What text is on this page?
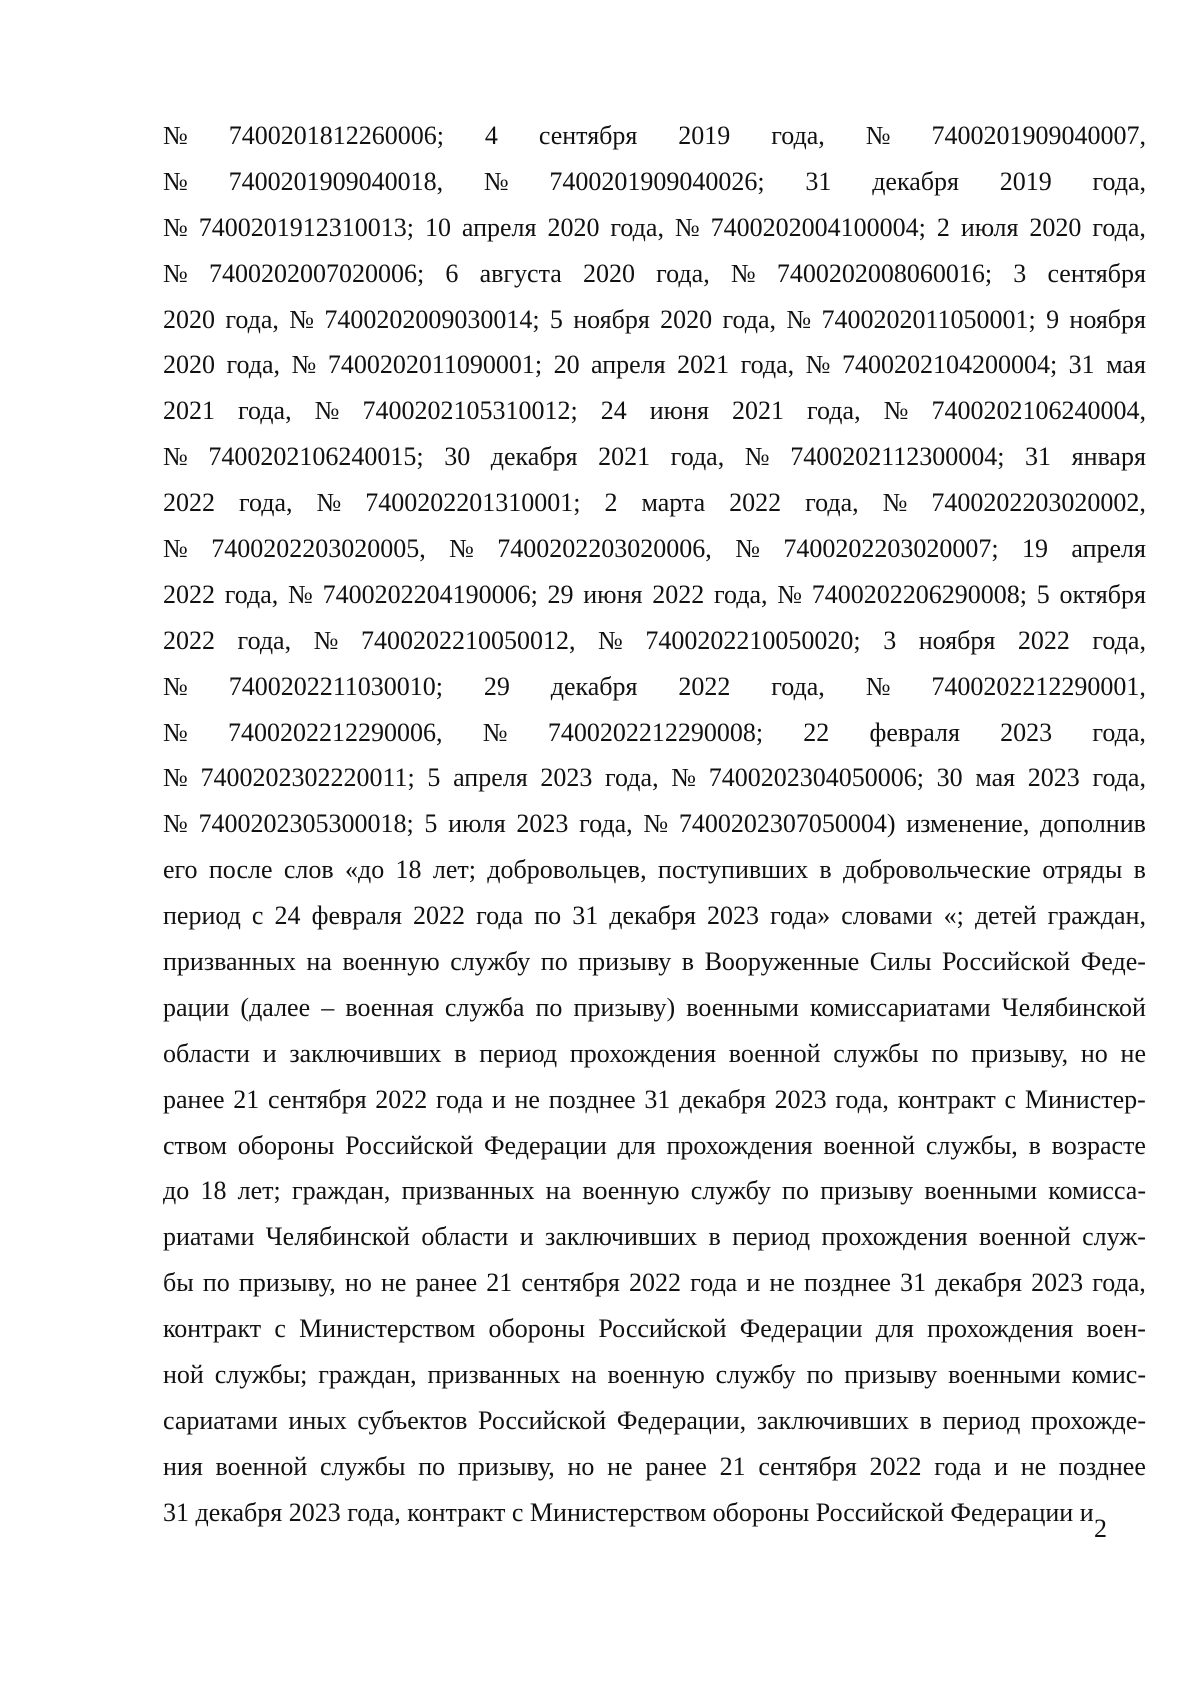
№ 7400201812260006; 4 сентября 2019 года, № 7400201909040007,
№ 7400201909040018, № 7400201909040026; 31 декабря 2019 года,
№ 7400201912310013; 10 апреля 2020 года, № 7400202004100004; 2 июля 2020 года,
№ 7400202007020006; 6 августа 2020 года, № 7400202008060016; 3 сентября
2020 года, № 7400202009030014; 5 ноября 2020 года, № 7400202011050001; 9 ноября
2020 года, № 7400202011090001; 20 апреля 2021 года, № 7400202104200004; 31 мая
2021 года, № 7400202105310012; 24 июня 2021 года, № 7400202106240004,
№ 7400202106240015; 30 декабря 2021 года, № 7400202112300004; 31 января
2022 года, № 7400202201310001; 2 марта 2022 года, № 7400202203020002,
№ 7400202203020005, № 7400202203020006, № 7400202203020007; 19 апреля
2022 года, № 7400202204190006; 29 июня 2022 года, № 7400202206290008; 5 октября
2022 года, № 7400202210050012, № 7400202210050020; 3 ноября 2022 года,
№ 7400202211030010; 29 декабря 2022 года, № 7400202212290001,
№ 7400202212290006, № 7400202212290008; 22 февраля 2023 года,
№ 7400202302220011; 5 апреля 2023 года, № 7400202304050006; 30 мая 2023 года,
№ 7400202305300018; 5 июля 2023 года, № 7400202307050004) изменение, дополнив
его после слов «до 18 лет; добровольцев, поступивших в добровольческие отряды в
период с 24 февраля 2022 года по 31 декабря 2023 года» словами «; детей граждан,
призванных на военную службу по призыву в Вооруженные Силы Российской Феде-
рации (далее – военная служба по призыву) военными комиссариатами Челябинской
области и заключивших в период прохождения военной службы по призыву, но не
ранее 21 сентября 2022 года и не позднее 31 декабря 2023 года, контракт с Министер-
ством обороны Российской Федерации для прохождения военной службы, в возрасте
до 18 лет; граждан, призванных на военную службу по призыву военными комисса-
риатами Челябинской области и заключивших в период прохождения военной служ-
бы по призыву, но не ранее 21 сентября 2022 года и не позднее 31 декабря 2023 года,
контракт с Министерством обороны Российской Федерации для прохождения воен-
ной службы; граждан, призванных на военную службу по призыву военными комис-
сариатами иных субъектов Российской Федерации, заключивших в период прохожде-
ния военной службы по призыву, но не ранее 21 сентября 2022 года и не позднее
31 декабря 2023 года, контракт с Министерством обороны Российской Федерации и
2
